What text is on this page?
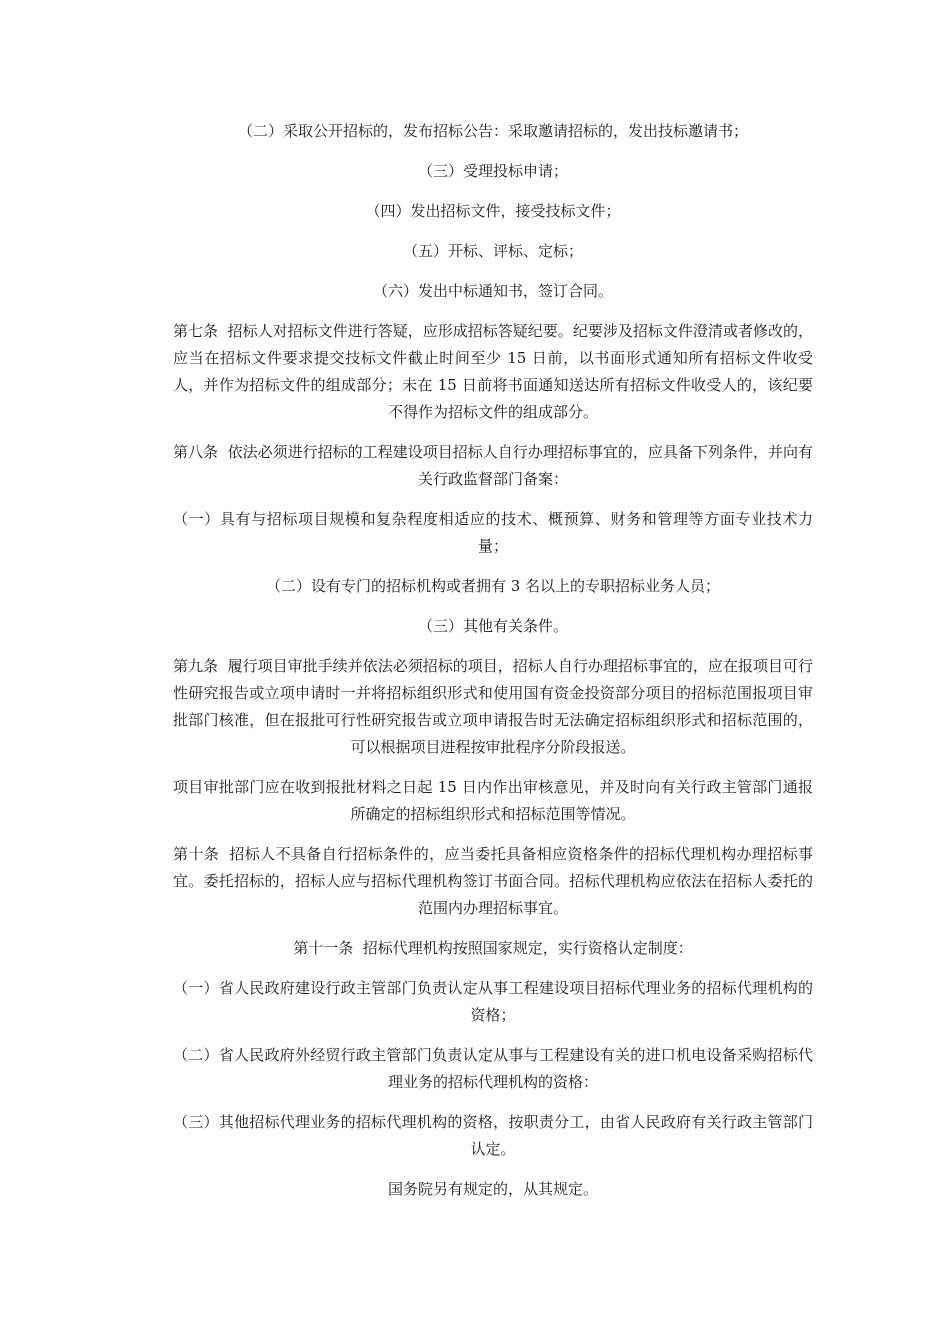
（二）采取公开招标的，发布招标公告：采取邀请招标的，发出技标邀请书；

（三）受理投标申请；

（四）发出招标文件，接受技标文件；

（五）开标、评标、定标；

（六）发出中标通知书，签订合同。

第七条  招标人对招标文件进行答疑，应形成招标答疑纪要。纪要涉及招标文件澄清或者修改的，应当在招标文件要求提交技标文件截止时间至少 15 日前，以书面形式通知所有招标文件收受人，并作为招标文件的组成部分；未在 15 日前将书面通知送达所有招标文件收受人的，该纪要不得作为招标文件的组成部分。

第八条  依法必须进行招标的工程建设项目招标人自行办理招标事宜的，应具备下列条件，并向有关行政监督部门备案：

（一）具有与招标项目规模和复杂程度相适应的技术、概预算、财务和管理等方面专业技术力量；

（二）设有专门的招标机构或者拥有 3 名以上的专职招标业务人员；

（三）其他有关条件。

第九条  履行项目审批手续并依法必须招标的项目，招标人自行办理招标事宜的，应在报项目可行性研究报告或立项申请时一并将招标组织形式和使用国有资金投资部分项目的招标范围报项目审批部门核准，但在报批可行性研究报告或立项申请报告时无法确定招标组织形式和招标范围的，可以根据项目进程按审批程序分阶段报送。

项目审批部门应在收到报批材料之日起 15 日内作出审核意见，并及时向有关行政主管部门通报所确定的招标组织形式和招标范围等情况。

第十条  招标人不具备自行招标条件的，应当委托具备相应资格条件的招标代理机构办理招标事宜。委托招标的，招标人应与招标代理机构签订书面合同。招标代理机构应依法在招标人委托的范围内办理招标事宜。

第十一条  招标代理机构按照国家规定，实行资格认定制度：

（一）省人民政府建设行政主管部门负责认定从事工程建设项目招标代理业务的招标代理机构的资格；

（二）省人民政府外经贸行政主管部门负责认定从事与工程建设有关的进口机电设备采购招标代理业务的招标代理机构的资格：

（三）其他招标代理业务的招标代理机构的资格，按职责分工，由省人民政府有关行政主管部门认定。

国务院另有规定的，从其规定。
